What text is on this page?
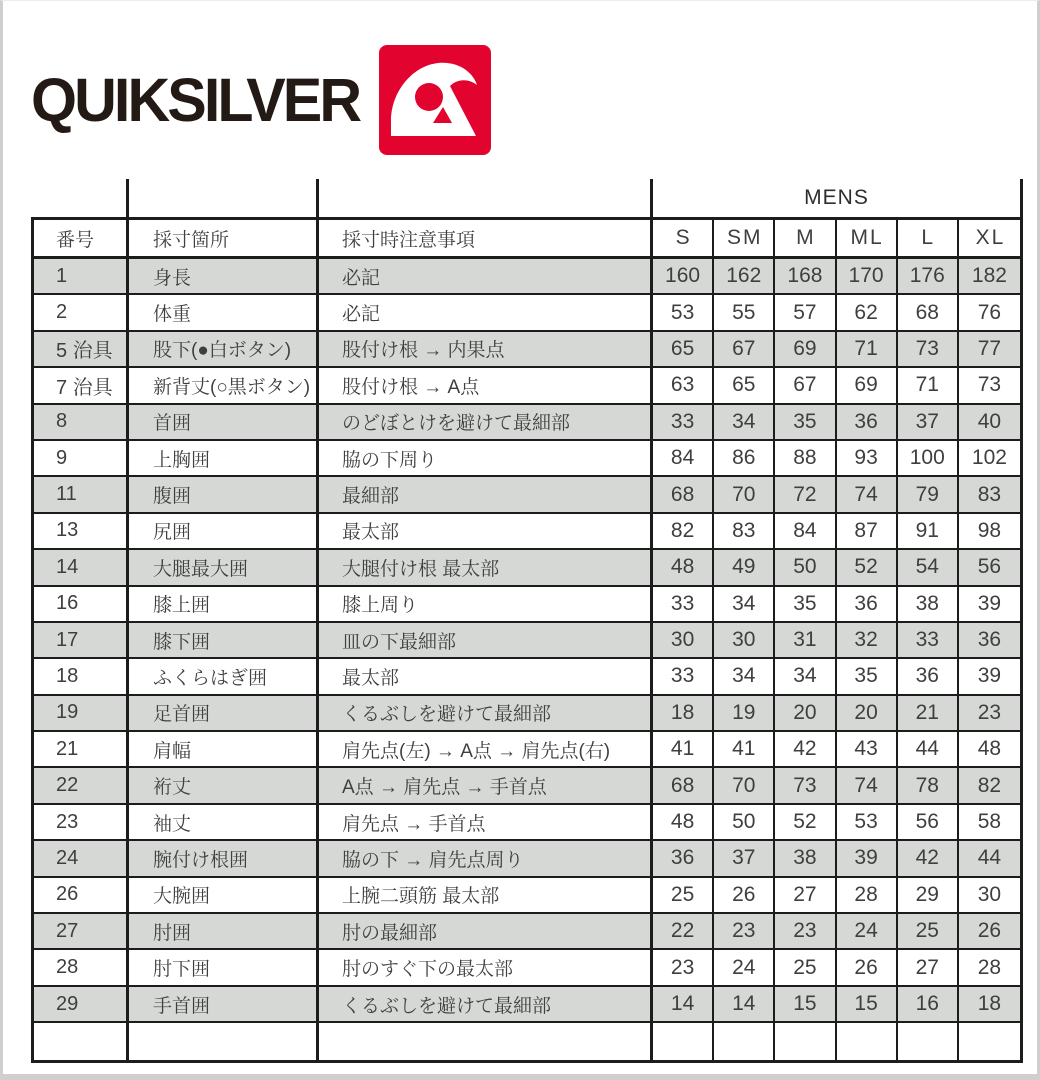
QUIKSILVER
MENS
番号	採寸箇所	採寸時注意事項	S	SM	M	ML	L	XL
1	身長	必記	160	162	168	170	176	182
2	体重	必記	53	55	57	62	68	76
5 治具	股下(●白ボタン)	股付け根 → 内果点	65	67	69	71	73	77
7 治具	新背丈(○黒ボタン)	股付け根 → A点	63	65	67	69	71	73
8	首囲	のどぼとけを避けて最細部	33	34	35	36	37	40
9	上胸囲	脇の下周り	84	86	88	93	100	102
11	腹囲	最細部	68	70	72	74	79	83
13	尻囲	最太部	82	83	84	87	91	98
14	大腿最大囲	大腿付け根 最太部	48	49	50	52	54	56
16	膝上囲	膝上周り	33	34	35	36	38	39
17	膝下囲	皿の下最細部	30	30	31	32	33	36
18	ふくらはぎ囲	最太部	33	34	34	35	36	39
19	足首囲	くるぶしを避けて最細部	18	19	20	20	21	23
21	肩幅	肩先点(左) → A点 → 肩先点(右)	41	41	42	43	44	48
22	裄丈	A点 → 肩先点 → 手首点	68	70	73	74	78	82
23	袖丈	肩先点 → 手首点	48	50	52	53	56	58
24	腕付け根囲	脇の下 → 肩先点周り	36	37	38	39	42	44
26	大腕囲	上腕二頭筋 最太部	25	26	27	28	29	30
27	肘囲	肘の最細部	22	23	23	24	25	26
28	肘下囲	肘のすぐ下の最太部	23	24	25	26	27	28
29	手首囲	くるぶしを避けて最細部	14	14	15	15	16	18
